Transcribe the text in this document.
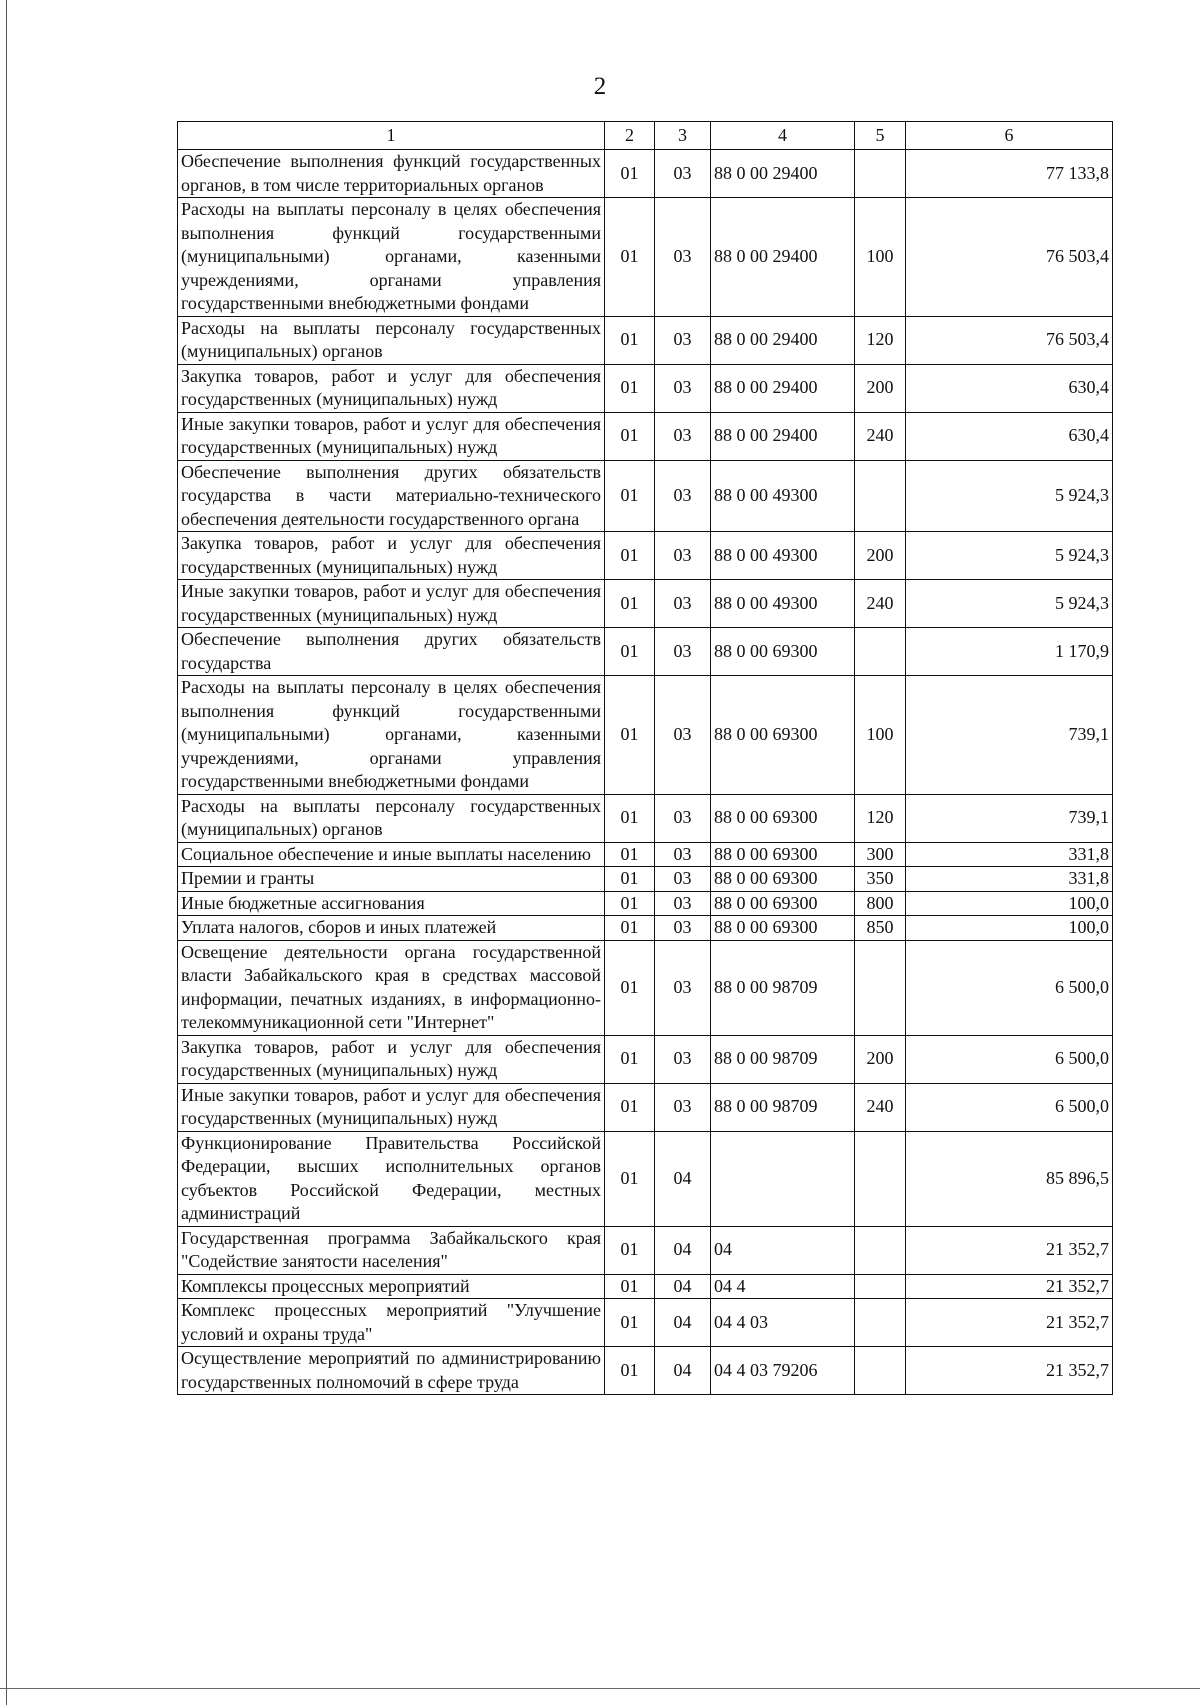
2
1	2	3	4	5	6
Обеспечение выполнения функций государственных органов, в том числе территориальных органов	01	03	88 0 00 29400		77 133,8
Расходы на выплаты персоналу в целях обеспечения выполнения функций государственными (муниципальными) органами, казенными учреждениями, органами управления государственными внебюджетными фондами	01	03	88 0 00 29400	100	76 503,4
Расходы на выплаты персоналу государственных (муниципальных) органов	01	03	88 0 00 29400	120	76 503,4
Закупка товаров, работ и услуг для обеспечения государственных (муниципальных) нужд	01	03	88 0 00 29400	200	630,4
Иные закупки товаров, работ и услуг для обеспечения государственных (муниципальных) нужд	01	03	88 0 00 29400	240	630,4
Обеспечение выполнения других обязательств государства в части материально-технического обеспечения деятельности государственного органа	01	03	88 0 00 49300		5 924,3
Закупка товаров, работ и услуг для обеспечения государственных (муниципальных) нужд	01	03	88 0 00 49300	200	5 924,3
Иные закупки товаров, работ и услуг для обеспечения государственных (муниципальных) нужд	01	03	88 0 00 49300	240	5 924,3
Обеспечение выполнения других обязательств государства	01	03	88 0 00 69300		1 170,9
Расходы на выплаты персоналу в целях обеспечения выполнения функций государственными (муниципальными) органами, казенными учреждениями, органами управления государственными внебюджетными фондами	01	03	88 0 00 69300	100	739,1
Расходы на выплаты персоналу государственных (муниципальных) органов	01	03	88 0 00 69300	120	739,1
Социальное обеспечение и иные выплаты населению	01	03	88 0 00 69300	300	331,8
Премии и гранты	01	03	88 0 00 69300	350	331,8
Иные бюджетные ассигнования	01	03	88 0 00 69300	800	100,0
Уплата налогов, сборов и иных платежей	01	03	88 0 00 69300	850	100,0
Освещение деятельности органа государственной власти Забайкальского края в средствах массовой информации, печатных изданиях, в информационно-телекоммуникационной сети "Интернет"	01	03	88 0 00 98709		6 500,0
Закупка товаров, работ и услуг для обеспечения государственных (муниципальных) нужд	01	03	88 0 00 98709	200	6 500,0
Иные закупки товаров, работ и услуг для обеспечения государственных (муниципальных) нужд	01	03	88 0 00 98709	240	6 500,0
Функционирование Правительства Российской Федерации, высших исполнительных органов субъектов Российской Федерации, местных администраций	01	04			85 896,5
Государственная программа Забайкальского края "Содействие занятости населения"	01	04	04		21 352,7
Комплексы процессных мероприятий	01	04	04 4		21 352,7
Комплекс процессных мероприятий "Улучшение условий и охраны труда"	01	04	04 4 03		21 352,7
Осуществление мероприятий по администрированию государственных полномочий в сфере труда	01	04	04 4 03 79206		21 352,7
